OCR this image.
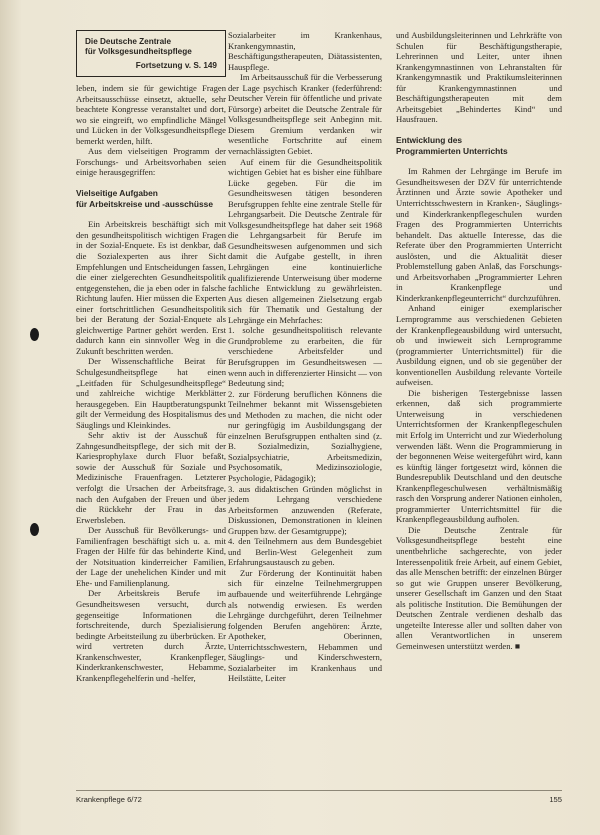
Die Deutsche Zentrale
für Volksgesundheitspflege
Fortsetzung v. S. 149

leben, indem sie für gewichtige Fragen Arbeitsausschüsse einsetzt, aktuelle, sehr beachtete Kongresse veranstaltet und dort, wo sie eingreift, wo empfindliche Mängel und Lücken in der Volksgesundheitspflege bemerkt werden, hilft.

Aus dem vielseitigen Programm der Forschungs- und Arbeitsvorhaben seien einige herausgegriffen:

Vielseitige Aufgaben
für Arbeitskreise und -ausschüsse

Ein Arbeitskreis beschäftigt sich mit den gesundheitspolitisch wichtigen Fragen in der Sozial-Enquete. Es ist denkbar, daß die Sozialexperten aus ihrer Sicht Empfehlungen und Entscheidungen fassen, die einer zielgerechten Gesundheitspolitik entgegenstehen, die ja eben oder in falsche Richtung laufen. Hier müssen die Experten einer fortschrittlichen Gesundheitspolitik bei der Beratung der Sozial-Enquete als gleichwertige Partner gehört werden. Erst dadurch kann ein sinnvoller Weg in die Zukunft beschritten werden.

Der Wissenschaftliche Beirat für Schulgesundheitspflege hat einen „Leitfaden für Schulgesundheitspflege“ und zahlreiche wichtige Merkblätter herausgegeben. Ein Hauptberatungspunkt gilt der Vermeidung des Hospitalismus des Säuglings und Kleinkindes.

Sehr aktiv ist der Ausschuß für Zahngesundheitspflege, der sich mit der Kariesprophylaxe durch Fluor befaßt, sowie der Ausschuß für Soziale und Medizinische Frauenfragen. Letzterer verfolgt die Ursachen der Arbeitsfrage, nach den Aufgaben der Freuen und über die Rückkehr der Frau in das Erwerbsleben.

Der Ausschuß für Bevölkerungs- und Familienfragen beschäftigt sich u. a. mit Fragen der Hilfe für das behinderte Kind, der Notsituation kinderreicher Familien, der Lage der unehelichen Kinder und mit Ehe- und Familienplanung.

Der Arbeitskreis Berufe im Gesundheitswesen versucht, durch gegenseitige Informationen die fortschreitende, durch Spezialisierung bedingte Arbeitsteilung zu überbrücken. Er wird vertreten durch Ärzte, Krankenschwester, Krankenpfleger, Kinderkrankenschwester, Hebamme, Krankenpflegehelferin und -helfer,

Sozialarbeiter im Krankenhaus, Krankengymnastin, Beschäftigungstherapeuten, Diätassistenten, Hauspflege.

Im Arbeitsausschuß für die Verbesserung der Lage psychisch Kranker (federführend: Deutscher Verein für öffentliche und private Fürsorge) arbeitet die Deutsche Zentrale für Volksgesundheitspflege seit Anbeginn mit. Diesem Gremium verdanken wir wesentliche Fortschritte auf einem vernachlässigten Gebiet.

Auf einem für die Gesundheitspolitik wichtigen Gebiet hat es bisher eine fühlbare Lücke gegeben. Für die im Gesundheitswesen tätigen besonderen Berufsgruppen fehlte eine zentrale Stelle für Lehrgangsarbeit. Die Deutsche Zentrale für Volksgesundheitspflege hat daher seit 1968 die Lehrgangsarbeit für Berufe im Gesundheitswesen aufgenommen und sich damit die Aufgabe gestellt, in ihren Lehrgängen eine kontinuierliche qualifizierende Unterweisung über moderne fachliche Entwicklung zu gewährleisten. Aus diesen allgemeinen Zielsetzung ergab sich für Thematik und Gestaltung der Lehrgänge ein Mehrfaches:

1. solche gesundheitspolitisch relevante Grundprobleme zu erarbeiten, die für verschiedene Arbeitsfelder und Berufsgruppen im Gesundheitswesen — wenn auch in differenzierter Hinsicht — von Bedeutung sind;

2. zur Förderung beruflichen Könnens die Teilnehmer bekannt mit Wissensgebieten und Methoden zu machen, die nicht oder nur geringfügig im Ausbildungsgang der einzelnen Berufsgruppen enthalten sind (z. B. Sozialmedizin, Sozialhygiene, Sozialpsychiatrie, Arbeitsmedizin, Psychosomatik, Medizinsoziologie, Psychologie, Pädagogik);

3. aus didaktischen Gründen möglichst in jedem Lehrgang verschiedene Arbeitsformen anzuwenden (Referate, Diskussionen, Demonstrationen in kleinen Gruppen bzw. der Gesamtgruppe);

4. den Teilnehmern aus dem Bundesgebiet und Berlin-West Gelegenheit zum Erfahrungsaustausch zu geben.

Zur Förderung der Kontinuität haben sich für einzelne Teilnehmergruppen aufbauende und weiterführende Lehrgänge als notwendig erwiesen. Es werden Lehrgänge durchgeführt, deren Teilnehmer folgenden Berufen angehören: Ärzte, Apotheker, Oberinnen, Unterrichtsschwestern, Hebammen und Säuglings- und Kinderschwestern, Sozialarbeiter im Krankenhaus und Heilstätte, Leiter

und Ausbildungsleiterinnen und Lehrkräfte von Schulen für Beschäftigungstherapie, Lehrerinnen und Leiter, unter ihnen Krankengymnastinnen von Lehranstalten für Krankengymnastik und Praktikumsleiterinnen für Krankengymnastinnen und Beschäftigungstherapeuten mit dem Arbeitsgebiet „Behindertes Kind“ und Hausfrauen.

Entwicklung des
Programmierten Unterrichts

Im Rahmen der Lehrgänge im Berufe im Gesundheitswesen der DZV für unterrichtende Ärztinnen und Ärzte sowie Apotheker und Unterrichtsschwestern in Kranken-, Säuglings- und Kinderkrankenpflegeschulen wurden Fragen des Programmierten Unterrichts behandelt. Das aktuelle Interesse, das die Referate über den Programmierten Unterricht auslösten, und die Aktualität dieser Problemstellung gaben Anlaß, das Forschungs- und Arbeitsvorhaben „Programmierter Lehren in Krankenpflege und Kinderkrankenpflegeunterricht“ durchzuführen.

Anhand einiger exemplarischer Lernprogramme aus verschiedenen Gebieten der Krankenpflegeausbildung wird untersucht, ob und inwieweit sich Lernprogramme (programmierter Unterrichtsmittel) für die Ausbildung eignen, und ob sie gegenüber der konventionellen Ausbildung relevante Vorteile aufweisen.

Die bisherigen Testergebnisse lassen erkennen, daß sich programmierte Unterweisung in verschiedenen Unterrichtsformen der Krankenpflegeschulen mit Erfolg im Unterricht und zur Wiederholung verwenden läßt. Wenn die Programmierung in der begonnenen Weise weitergeführt wird, kann es künftig länger fortgesetzt wird, können die Bundesrepublik Deutschland und den deutsche Krankenpflegeschulwesen verhältnismäßig rasch den Vorsprung anderer Nationen einholen, programmierter Unterrichtsmittel für die Krankenpflegeausbildung aufholen.

Die Deutsche Zentrale für Volksgesundheitspflege besteht eine unentbehrliche sachgerechte, von jeder Interessenpolitik freie Arbeit, auf einem Gebiet, das alle Menschen betrifft: der einzelnen Bürger so gut wie Gruppen unserer Bevölkerung, unserer Gesellschaft im Ganzen und den Staat als politische Institution. Die Bemühungen der Deutschen Zentrale verdienen deshalb das ungeteilte Interesse aller und sollten daher von allen Verantwortlichen in unserem Gemeinwesen unterstützt werden. ■

Krankenpflege 6/72	155
